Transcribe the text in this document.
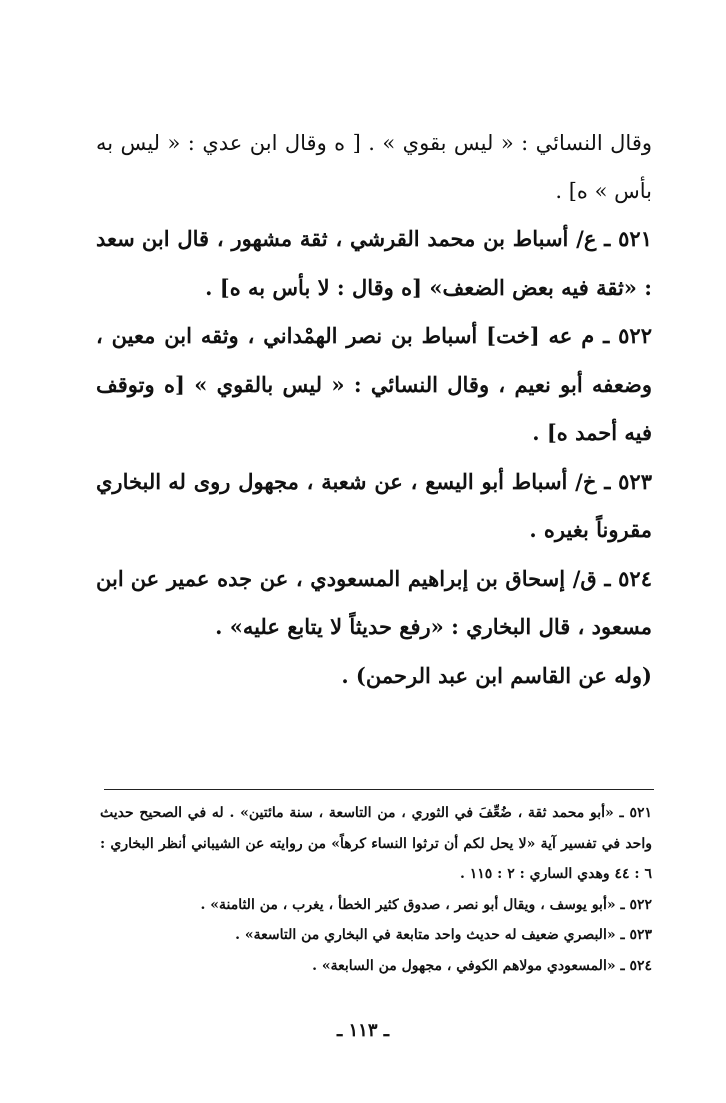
وقال النسائي : « ليس بقوي » . [ ه وقال ابن عدي : « ليس به بأس » ه] .

٥٢١ ـ ع/ أسباط بن محمد القرشي ، ثقة مشهور ، قال ابن سعد : «ثقة فيه بعض الضعف» [ه وقال : لا بأس به ه] .

٥٢٢ ـ م عه [خت] أسباط بن نصر الهمْداني ، وثقه ابن معين ، وضعفه أبو نعيم ، وقال النسائي : « ليس بالقوي » [ه وتوقف فيه أحمد ه] .

٥٢٣ ـ خ/ أسباط أبو اليسع ، عن شعبة ، مجهول روى له البخاري مقروناً بغيره .

٥٢٤ ـ ق/ إسحاق بن إبراهيم المسعودي ، عن جده عمير عن ابن مسعود ، قال البخاري : «رفع حديثاً لا يتابع عليه» .

(وله عن القاسم ابن عبد الرحمن) .

٥٢١ ـ «أبو محمد ثقة ، ضُعِّفَ في الثوري ، من التاسعة ، سنة مائتين» . له في الصحيح حديث واحد في تفسير آية «لا يحل لكم أن ترثوا النساء كرهاً» من روايته عن الشيباني أنظر البخاري : ٦ : ٤٤ وهدي الساري : ٢ : ١١٥ .

٥٢٢ ـ «أبو يوسف ، ويقال أبو نصر ، صدوق كثير الخطأ ، يغرب ، من الثامنة» .

٥٢٣ ـ «البصري ضعيف له حديث واحد متابعة في البخاري من التاسعة» .

٥٢٤ ـ «المسعودي مولاهم الكوفي ، مجهول من السابعة» .

ـ ١١٣ ـ
